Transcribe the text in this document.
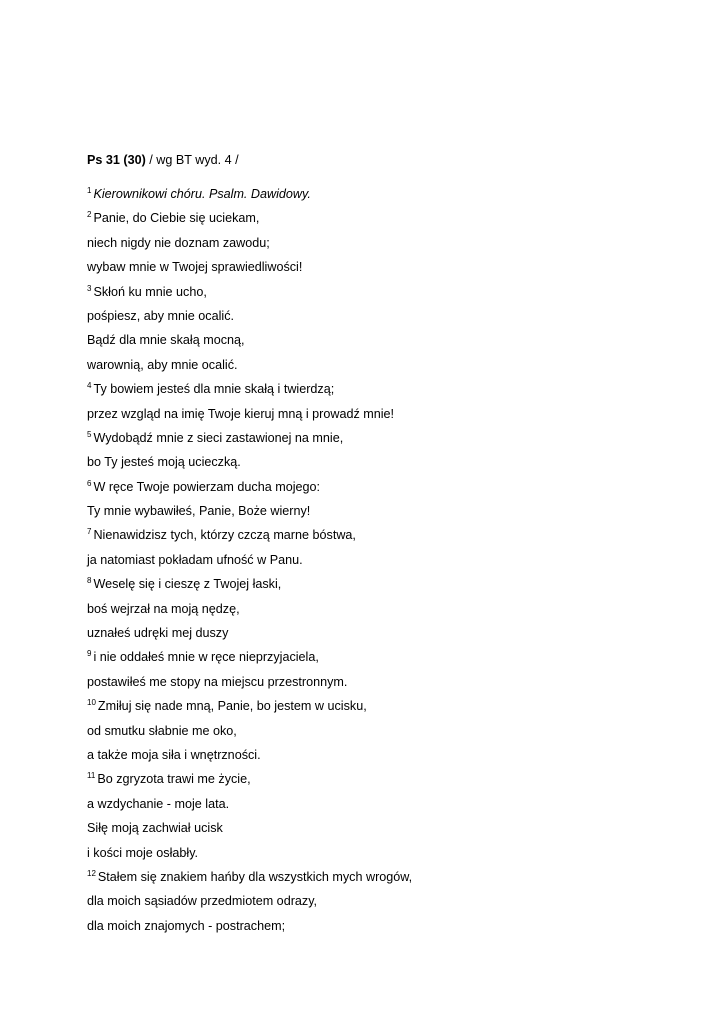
Ps 31 (30) / wg BT wyd. 4 /
$^1$ Kierownikowi chóru. Psalm. Dawidowy.
$^2$ Panie, do Ciebie się uciekam,
niech nigdy nie doznam zawodu;
wybaw mnie w Twojej sprawiedliwości!
$^3$ Skłoń ku mnie ucho,
pośpiesz, aby mnie ocalić.
Bądź dla mnie skałą mocną,
warownią, aby mnie ocalić.
$^4$ Ty bowiem jesteś dla mnie skałą i twierdzą;
przez wzgląd na imię Twoje kieruj mną i prowadź mnie!
$^5$ Wydobądź mnie z sieci zastawionej na mnie,
bo Ty jesteś moją ucieczką.
$^6$ W ręce Twoje powierzam ducha mojego:
Ty mnie wybawiłeś, Panie, Boże wierny!
$^7$ Nienawidzisz tych, którzy czczą marne bóstwa,
ja natomiast pokładam ufność w Panu.
$^8$ Weselę się i cieszę z Twojej łaski,
boś wejrzał na moją nędzę,
uznałeś udręki mej duszy
$^9$ i nie oddałeś mnie w ręce nieprzyjaciela,
postawiłeś me stopy na miejscu przestronnym.
$^{10}$ Zmiłuj się nade mną, Panie, bo jestem w ucisku,
od smutku słabnie me oko,
a także moja siła i wnętrzności.
$^{11}$ Bo zgryzota trawi me życie,
a wzdychanie - moje lata.
Siłę moją zachwiał ucisk
i kości moje osłabły.
$^{12}$ Stałem się znakiem hańby dla wszystkich mych wrogów,
dla moich sąsiadów przedmiotem odrazy,
dla moich znajomych - postrachem;
